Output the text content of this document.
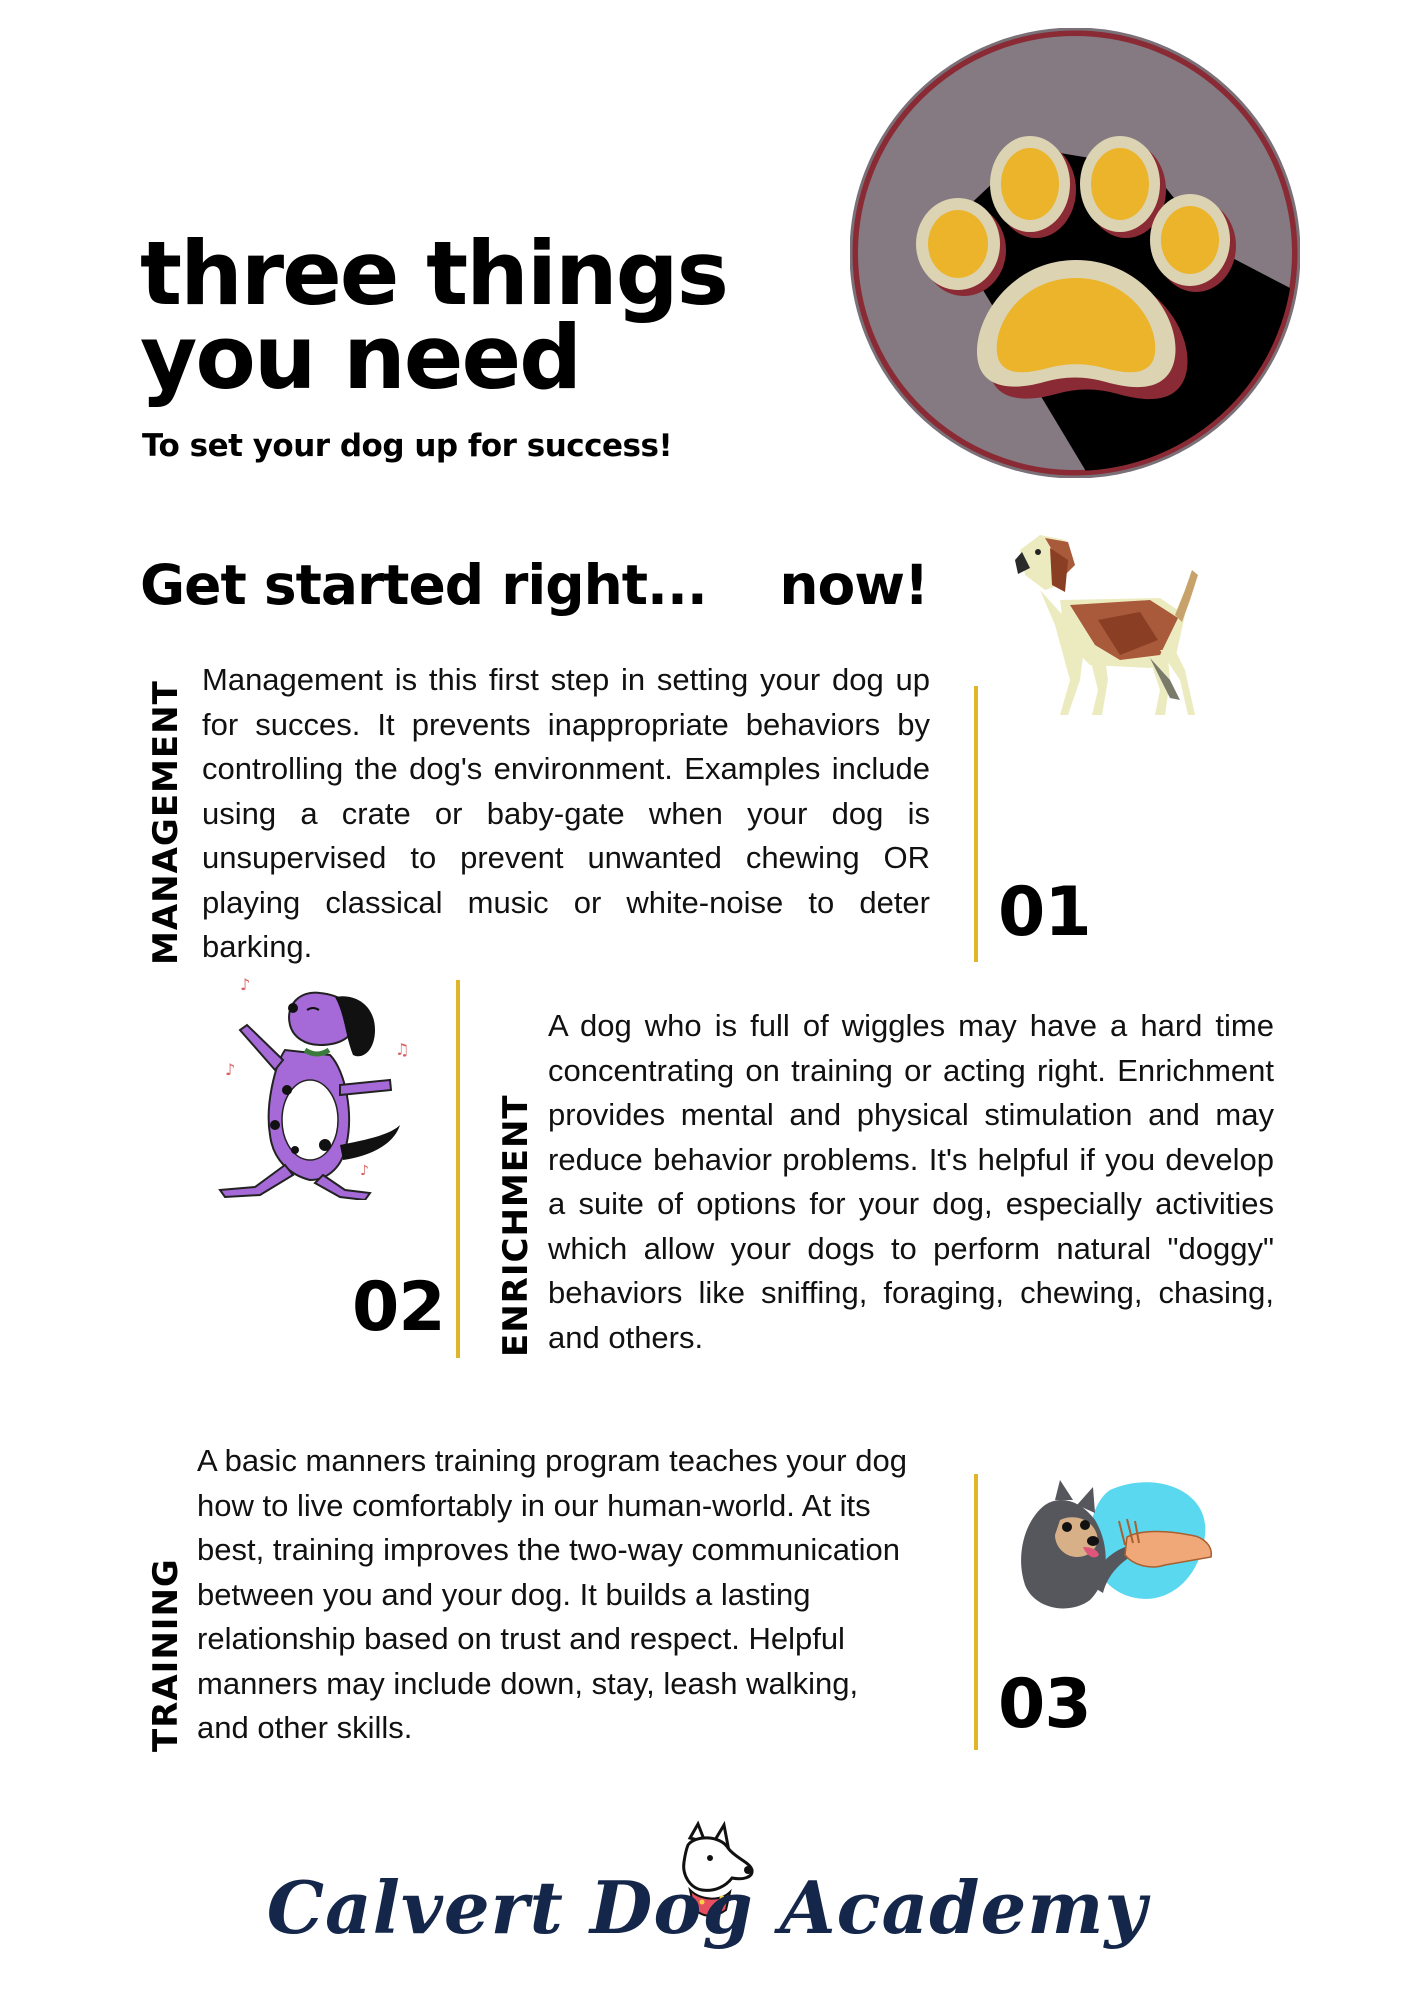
three things
you need

To set your dog up for success!

Get started right...    now!
MANAGEMENT

Management is this first step in setting your dog up for succes. It prevents inappropriate behaviors by controlling the dog's environment. Examples include using a crate or baby-gate when your dog is unsupervised to prevent unwanted chewing OR playing classical music or white-noise to deter barking.	01
♪
♪
♫
♪
02 ENRICHMENT

A dog who is full of wiggles may have a hard time concentrating on training or acting right. Enrichment provides mental and physical stimulation and may reduce behavior problems. It's helpful if you develop a suite of options for your dog, especially activities which allow your dogs to perform natural "doggy" behaviors like sniffing, foraging, chewing, chasing, and others.

TRAINING

A basic manners training program teaches your dog how to live comfortably in our human-world. At its best, training improves the two-way communication between you and your dog. It builds a lasting relationship based on trust and respect. Helpful manners may include down, stay, leash walking, and other skills.	03
Calvert Dog Academy
